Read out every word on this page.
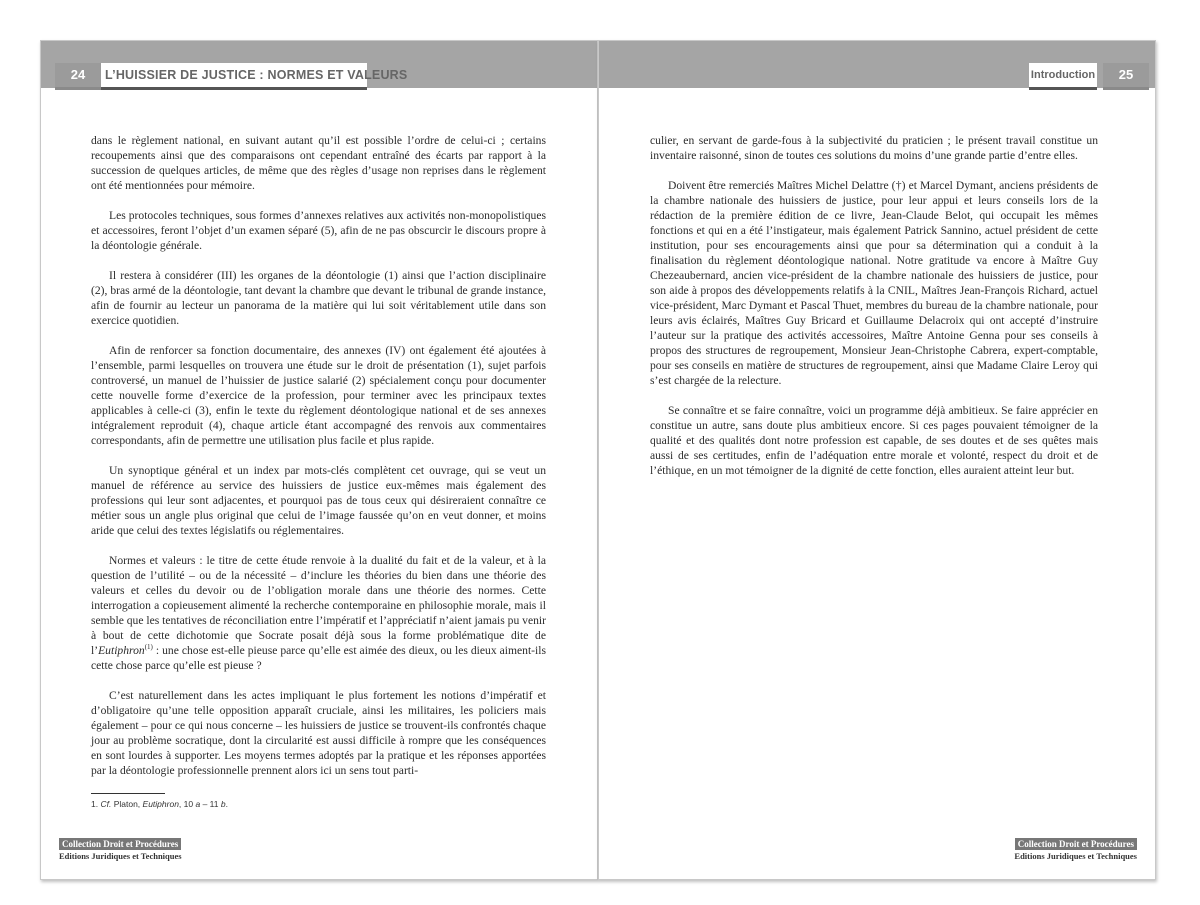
24	L’HUISSIER DE JUSTICE : NORMES ET VALEURS

dans le règlement national, en suivant autant qu’il est possible l’ordre de celui-ci ; certains recoupements ainsi que des comparaisons ont cependant entraîné des écarts par rapport à la succession de quelques articles, de même que des règles d’usage non reprises dans le règlement ont été mentionnées pour mémoire.

Les protocoles techniques, sous formes d’annexes relatives aux activités non-monopolistiques et accessoires, feront l’objet d’un examen séparé (5), afin de ne pas obscurcir le discours propre à la déontologie générale.

Il restera à considérer (III) les organes de la déontologie (1) ainsi que l’action disciplinaire (2), bras armé de la déontologie, tant devant la chambre que devant le tribunal de grande instance, afin de fournir au lecteur un panorama de la matière qui lui soit véritablement utile dans son exercice quotidien.

Afin de renforcer sa fonction documentaire, des annexes (IV) ont également été ajoutées à l’ensemble, parmi lesquelles on trouvera une étude sur le droit de présentation (1), sujet parfois controversé, un manuel de l’huissier de justice salarié (2) spécialement conçu pour documenter cette nouvelle forme d’exercice de la profession, pour terminer avec les principaux textes applicables à celle-ci (3), enfin le texte du règlement déontologique national et de ses annexes intégralement reproduit (4), chaque article étant accompagné des renvois aux commentaires correspondants, afin de permettre une utilisation plus facile et plus rapide.

Un synoptique général et un index par mots-clés complètent cet ouvrage, qui se veut un manuel de référence au service des huissiers de justice eux-mêmes mais également des professions qui leur sont adjacentes, et pourquoi pas de tous ceux qui désireraient connaître ce métier sous un angle plus original que celui de l’image faussée qu’on en veut donner, et moins aride que celui des textes législatifs ou réglementaires.

Normes et valeurs : le titre de cette étude renvoie à la dualité du fait et de la valeur, et à la question de l’utilité – ou de la nécessité – d’inclure les théories du bien dans une théorie des valeurs et celles du devoir ou de l’obligation morale dans une théorie des normes. Cette interrogation a copieusement alimenté la recherche contemporaine en philosophie morale, mais il semble que les tentatives de réconciliation entre l’impératif et l’appréciatif n’aient jamais pu venir à bout de cette dichotomie que Socrate posait déjà sous la forme problématique dite de l’Eutiphron$^{(1)}$ : une chose est-elle pieuse parce qu’elle est aimée des dieux, ou les dieux aiment-ils cette chose parce qu’elle est pieuse ?

C’est naturellement dans les actes impliquant le plus fortement les notions d’impératif et d’obligatoire qu’une telle opposition apparaît cruciale, ainsi les militaires, les policiers mais également – pour ce qui nous concerne – les huissiers de justice se trouvent-ils confrontés chaque jour au problème socratique, dont la circularité est aussi difficile à rompre que les conséquences en sont lourdes à supporter. Les moyens termes adoptés par la pratique et les réponses apportées par la déontologie professionnelle prennent alors ici un sens tout parti-

1. Cf. Platon, Eutiphron, 10 a – 11 b.
Collection Droit et Procédures
Editions Juridiques et Techniques
Introduction	25

culier, en servant de garde-fous à la subjectivité du praticien ; le présent travail constitue un inventaire raisonné, sinon de toutes ces solutions du moins d’une grande partie d’entre elles.

Doivent être remerciés Maîtres Michel Delattre (†) et Marcel Dymant, anciens présidents de la chambre nationale des huissiers de justice, pour leur appui et leurs conseils lors de la rédaction de la première édition de ce livre, Jean-Claude Belot, qui occupait les mêmes fonctions et qui en a été l’instigateur, mais également Patrick Sannino, actuel président de cette institution, pour ses encouragements ainsi que pour sa détermination qui a conduit à la finalisation du règlement déontologique national. Notre gratitude va encore à Maître Guy Chezeaubernard, ancien vice-président de la chambre nationale des huissiers de justice, pour son aide à propos des développements relatifs à la CNIL, Maîtres Jean-François Richard, actuel vice-président, Marc Dymant et Pascal Thuet, membres du bureau de la chambre nationale, pour leurs avis éclairés, Maîtres Guy Bricard et Guillaume Delacroix qui ont accepté d’instruire l’auteur sur la pratique des activités accessoires, Maître Antoine Genna pour ses conseils à propos des structures de regroupement, Monsieur Jean-Christophe Cabrera, expert-comptable, pour ses conseils en matière de structures de regroupement, ainsi que Madame Claire Leroy qui s’est chargée de la relecture.

Se connaître et se faire connaître, voici un programme déjà ambitieux. Se faire apprécier en constitue un autre, sans doute plus ambitieux encore. Si ces pages pouvaient témoigner de la qualité et des qualités dont notre profession est capable, de ses doutes et de ses quêtes mais aussi de ses certitudes, enfin de l’adéquation entre morale et volonté, respect du droit et de l’éthique, en un mot témoigner de la dignité de cette fonction, elles auraient atteint leur but.

Collection Droit et Procédures
Editions Juridiques et Techniques
